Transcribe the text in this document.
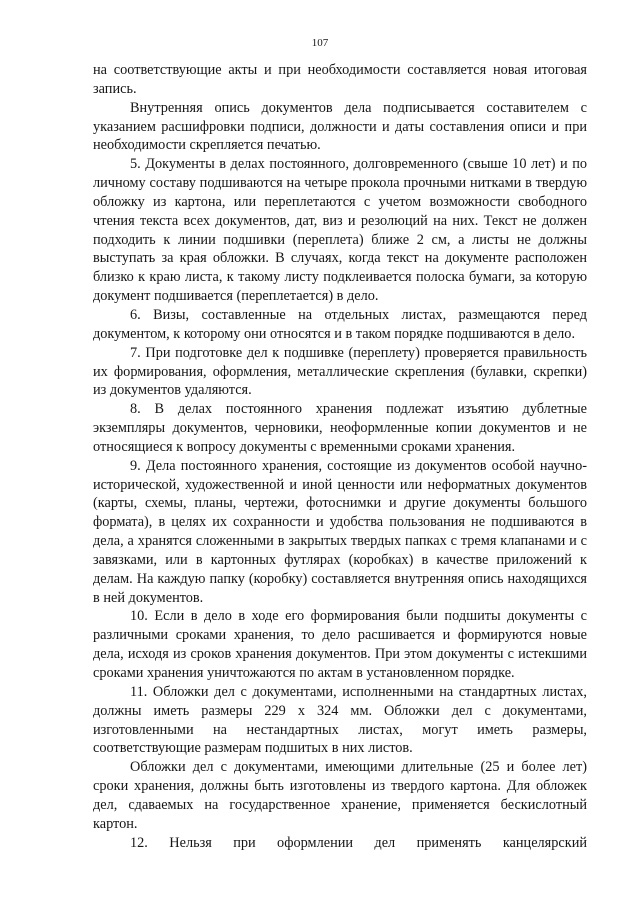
107

на соответствующие акты и при необходимости составляется новая итоговая запись.

Внутренняя опись документов дела подписывается составителем с указанием расшифровки подписи, должности и даты составления описи и при необходимости скрепляется печатью.

5. Документы в делах постоянного, долговременного (свыше 10 лет) и по личному составу подшиваются на четыре прокола прочными нитками в твердую обложку из картона, или переплетаются с учетом возможности свободного чтения текста всех документов, дат, виз и резолюций на них. Текст не должен подходить к линии подшивки (переплета) ближе 2 см, а листы не должны выступать за края обложки. В случаях, когда текст на документе расположен близко к краю листа, к такому листу подклеивается полоска бумаги, за которую документ подшивается (переплетается) в дело.

6. Визы, составленные на отдельных листах, размещаются перед документом, к которому они относятся и в таком порядке подшиваются в дело.

7. При подготовке дел к подшивке (переплету) проверяется правильность их формирования, оформления, металлические скрепления (булавки, скрепки) из документов удаляются.

8. В делах постоянного хранения подлежат изъятию дублетные экземпляры документов, черновики, неоформленные копии документов и не относящиеся к вопросу документы с временными сроками хранения.

9. Дела постоянного хранения, состоящие из документов особой научно-исторической, художественной и иной ценности или неформатных документов (карты, схемы, планы, чертежи, фотоснимки и другие документы большого формата), в целях их сохранности и удобства пользования не подшиваются в дела, а хранятся сложенными в закрытых твердых папках с тремя клапанами и с завязками, или в картонных футлярах (коробках) в качестве приложений к делам. На каждую папку (коробку) составляется внутренняя опись находящихся в ней документов.

10. Если в дело в ходе его формирования были подшиты документы с различными сроками хранения, то дело расшивается и формируются новые дела, исходя из сроков хранения документов. При этом документы с истекшими сроками хранения уничтожаются по актам в установленном порядке.

11. Обложки дел с документами, исполненными на стандартных листах, должны иметь размеры 229 х 324 мм. Обложки дел с документами, изготовленными на нестандартных листах, могут иметь размеры, соответствующие размерам подшитых в них листов.

Обложки дел с документами, имеющими длительные (25 и более лет) сроки хранения, должны быть изготовлены из твердого картона. Для обложек дел, сдаваемых на государственное хранение, применяется бескислотный картон.

12. Нельзя при оформлении дел применять канцелярский
